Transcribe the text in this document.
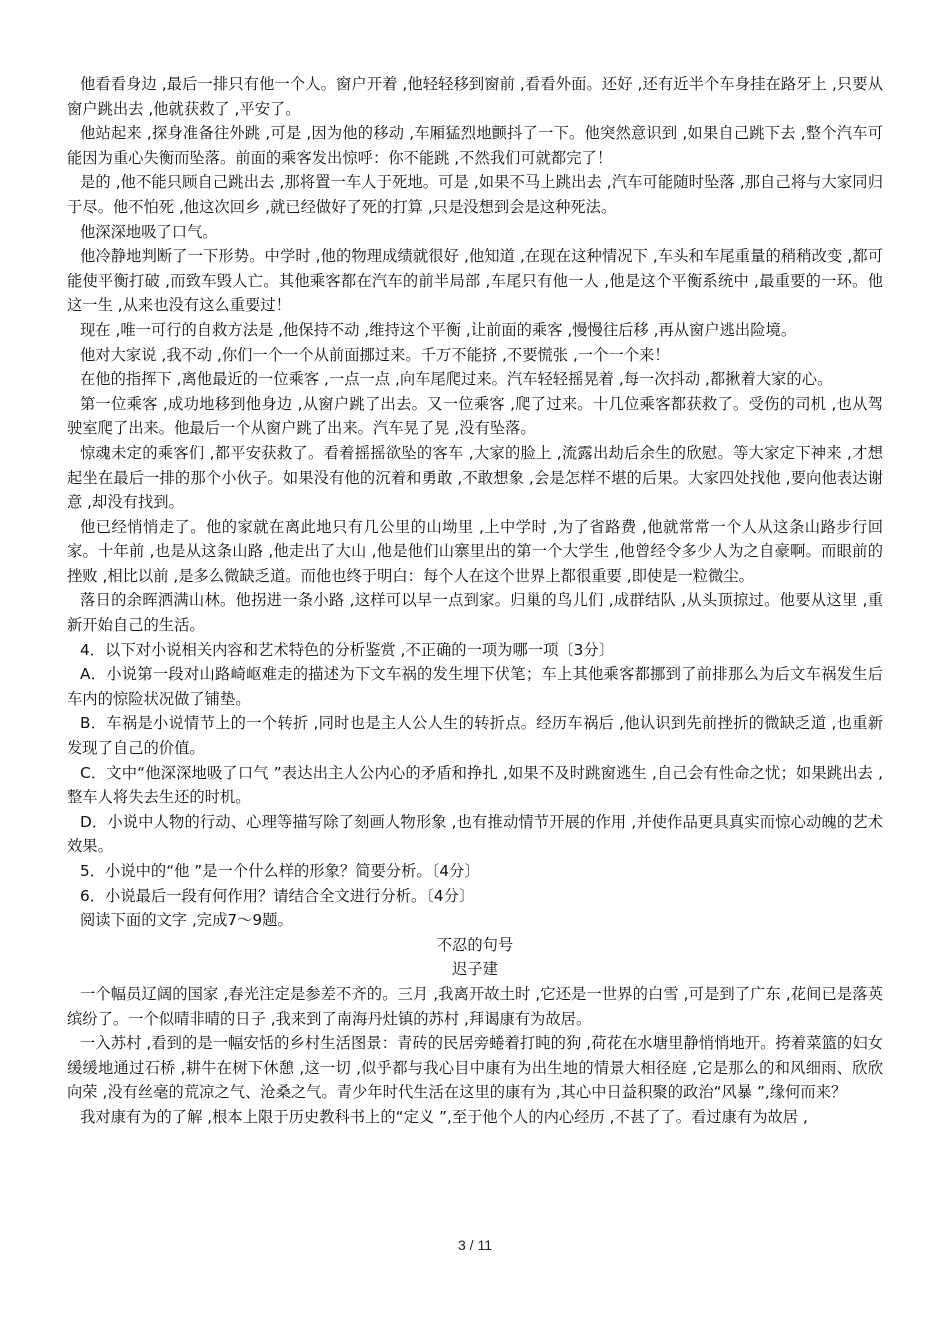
他看看身边 ,最后一排只有他一个人。窗户开着 ,他轻轻移到窗前 ,看看外面。还好 ,还有近半个车身挂在路牙上 ,只要从窗户跳出去 ,他就获救了 ,平安了。

他站起来 ,探身准备往外跳 ,可是 ,因为他的移动 ,车厢猛烈地颤抖了一下。他突然意识到 ,如果自己跳下去 ,整个汽车可能因为重心失衡而坠落。前面的乘客发出惊呼：你不能跳 ,不然我们可就都完了！

是的 ,他不能只顾自己跳出去 ,那将置一车人于死地。可是 ,如果不马上跳出去 ,汽车可能随时坠落 ,那自己将与大家同归于尽。他不怕死 ,他这次回乡 ,就已经做好了死的打算 ,只是没想到会是这种死法。

他深深地吸了口气。

他冷静地判断了一下形势。中学时 ,他的物理成绩就很好 ,他知道 ,在现在这种情况下 ,车头和车尾重量的稍稍改变 ,都可能使平衡打破 ,而致车毁人亡。其他乘客都在汽车的前半局部 ,车尾只有他一人 ,他是这个平衡系统中 ,最重要的一环。他这一生 ,从来也没有这么重要过！

现在 ,唯一可行的自救方法是 ,他保持不动 ,维持这个平衡 ,让前面的乘客 ,慢慢往后移 ,再从窗户逃出险境。

他对大家说 ,我不动 ,你们一个一个从前面挪过来。千万不能挤 ,不要慌张 ,一个一个来！

在他的指挥下 ,离他最近的一位乘客 ,一点一点 ,向车尾爬过来。汽车轻轻摇晃着 ,每一次抖动 ,都揪着大家的心。

第一位乘客 ,成功地移到他身边 ,从窗户跳了出去。又一位乘客 ,爬了过来。十几位乘客都获救了。受伤的司机 ,也从驾驶室爬了出来。他最后一个从窗户跳了出来。汽车晃了晃 ,没有坠落。

惊魂未定的乘客们 ,都平安获救了。看着摇摇欲坠的客车 ,大家的脸上 ,流露出劫后余生的欣慰。等大家定下神来 ,才想起坐在最后一排的那个小伙子。如果没有他的沉着和勇敢 ,不敢想象 ,会是怎样不堪的后果。大家四处找他 ,要向他表达谢意 ,却没有找到。

他已经悄悄走了。他的家就在离此地只有几公里的山坳里 ,上中学时 ,为了省路费 ,他就常常一个人从这条山路步行回家。十年前 ,也是从这条山路 ,他走出了大山 ,他是他们山寨里出的第一个大学生 ,他曾经令多少人为之自豪啊。而眼前的挫败 ,相比以前 ,是多么微缺乏道。而他也终于明白：每个人在这个世界上都很重要 ,即使是一粒微尘。

落日的余晖洒满山林。他拐进一条小路 ,这样可以早一点到家。归巢的鸟儿们 ,成群结队 ,从头顶掠过。他要从这里 ,重新开始自己的生活。

4．以下对小说相关内容和艺术特色的分析鉴赏 ,不正确的一项为哪一项〔3分〕

A．小说第一段对山路崎岖难走的描述为下文车祸的发生埋下伏笔；车上其他乘客都挪到了前排那么为后文车祸发生后车内的惊险状况做了铺垫。

B．车祸是小说情节上的一个转折 ,同时也是主人公人生的转折点。经历车祸后 ,他认识到先前挫折的微缺乏道 ,也重新发现了自己的价值。

C．文中“他深深地吸了口气 ”表达出主人公内心的矛盾和挣扎 ,如果不及时跳窗逃生 ,自己会有性命之忧；如果跳出去 ,整车人将失去生还的时机。

D．小说中人物的行动、心理等描写除了刻画人物形象 ,也有推动情节开展的作用 ,并使作品更具真实而惊心动魄的艺术效果。

5．小说中的“他 ”是一个什么样的形象？简要分析。〔4分〕

6．小说最后一段有何作用？请结合全文进行分析。〔4分〕

阅读下面的文字 ,完成7～9题。

不忍的句号

迟子建

一个幅员辽阔的国家 ,春光注定是参差不齐的。三月 ,我离开故土时 ,它还是一世界的白雪 ,可是到了广东 ,花间已是落英缤纷了。一个似晴非晴的日子 ,我来到了南海丹灶镇的苏村 ,拜谒康有为故居。

一入苏村 ,看到的是一幅安恬的乡村生活图景：青砖的民居旁蜷着打盹的狗 ,荷花在水塘里静悄悄地开。挎着菜篮的妇女缓缓地通过石桥 ,耕牛在树下休憩 ,这一切 ,似乎都与我心目中康有为出生地的情景大相径庭 ,它是那么的和风细雨、欣欣向荣 ,没有丝毫的荒凉之气、沧桑之气。青少年时代生活在这里的康有为 ,其心中日益积聚的政治“风暴 ”,缘何而来？

我对康有为的了解 ,根本上限于历史教科书上的“定义 ”,至于他个人的内心经历 ,不甚了了。看过康有为故居 ,

3 / 11
